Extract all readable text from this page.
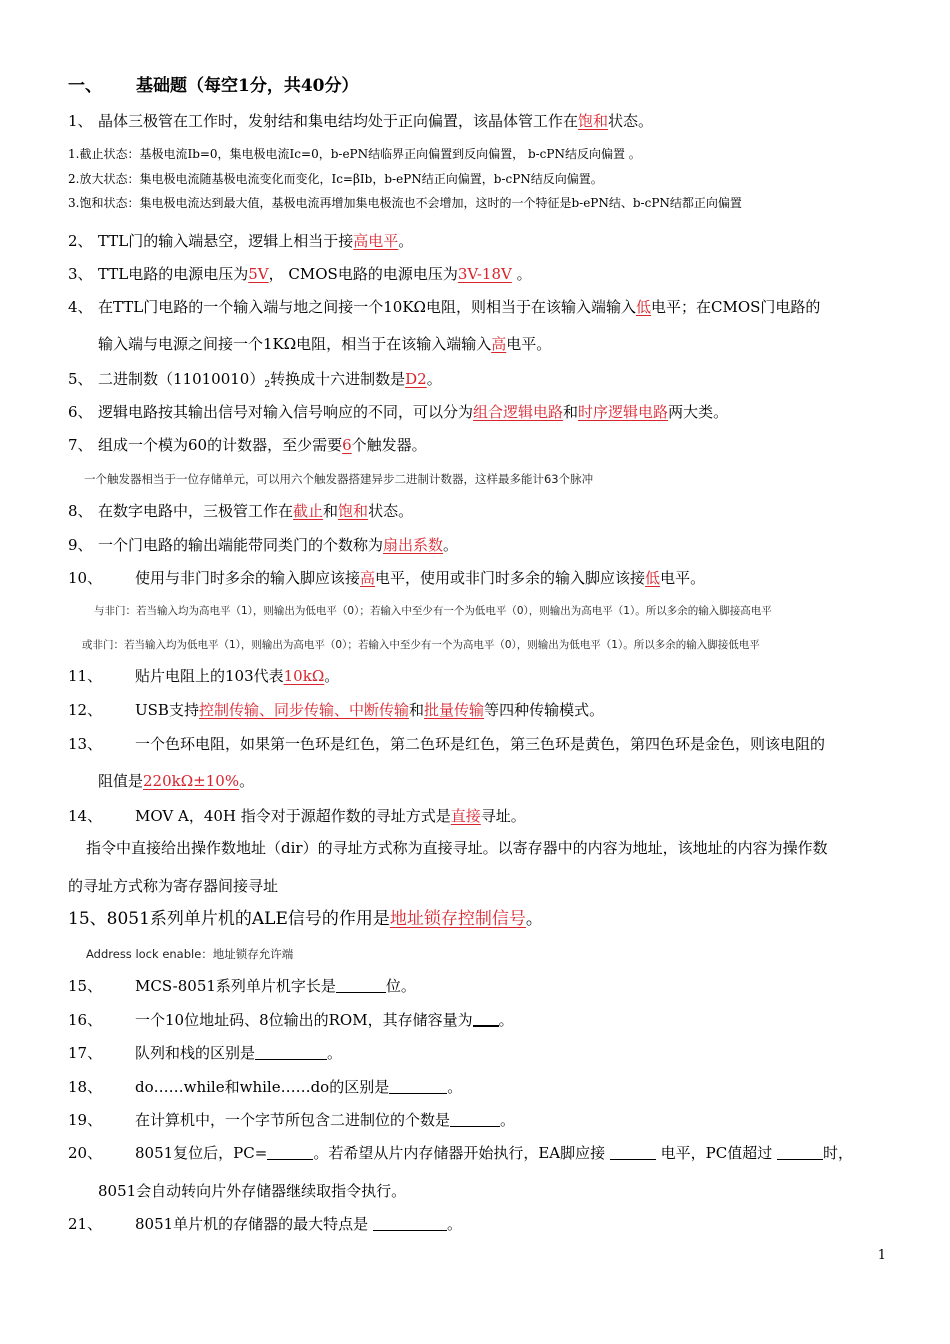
一、 基础题（每空1分，共40分）
1、 晶体三极管在工作时，发射结和集电结均处于正向偏置，该晶体管工作在饱和状态。
1.截止状态：基极电流Ib=0，集电极电流Ic=0，b-ePN结临界正向偏置到反向偏置， b-cPN结反向偏置 。
2.放大状态：集电极电流随基极电流变化而变化，Ic=βIb，b-ePN结正向偏置，b-cPN结反向偏置。
3.饱和状态：集电极电流达到最大值，基极电流再增加集电极流也不会增加，这时的一个特征是b-ePN结、b-cPN结都正向偏置
2、 TTL门的输入端悬空，逻辑上相当于接高电平。
3、 TTL电路的电源电压为5V， CMOS电路的电源电压为3V-18V 。
4、 在TTL门电路的一个输入端与地之间接一个10KΩ电阻，则相当于在该输入端输入低电平；在CMOS门电路的
输入端与电源之间接一个1KΩ电阻，相当于在该输入端输入高电平。
5、 二进制数$(11010010)_2$转换成十六进制数是D2。
6、 逻辑电路按其输出信号对输入信号响应的不同，可以分为组合逻辑电路和时序逻辑电路两大类。
7、 组成一个模为60的计数器，至少需要6个触发器。
一个触发器相当于一位存储单元，可以用六个触发器搭建异步二进制计数器，这样最多能计63个脉冲
8、 在数字电路中，三极管工作在截止和饱和状态。
9、 一个门电路的输出端能带同类门的个数称为扇出系数。
10、 使用与非门时多余的输入脚应该接高电平，使用或非门时多余的输入脚应该接低电平。
与非门：若当输入均为高电平（1），则输出为低电平（0）；若输入中至少有一个为低电平（0），则输出为高电平（1）。所以多余的输入脚接高电平
或非门：若当输入均为低电平（1），则输出为高电平（0）；若输入中至少有一个为高电平（0），则输出为低电平（1）。所以多余的输入脚接低电平
11、 贴片电阻上的103代表10kΩ。
12、 USB支持控制传输、同步传输、中断传输和批量传输等四种传输模式。
13、 一个色环电阻，如果第一色环是红色，第二色环是红色，第三色环是黄色，第四色环是金色，则该电阻的
阻值是220kΩ±10%。
14、 MOV A，40H 指令对于源超作数的寻址方式是直接寻址。
指令中直接给出操作数地址（dir）的寻址方式称为直接寻址。以寄存器中的内容为地址，该地址的内容为操作数
的寻址方式称为寄存器间接寻址
15、8051系列单片机的ALE信号的作用是地址锁存控制信号。
Address lock enable：地址锁存允许端
15、 MCS-8051系列单片机字长是	位。
16、 一个10位地址码、8位输出的ROM，其存储容量为 。
17、 队列和栈的区别是	。
18、 do……while和while……do的区别是	。
19、 在计算机中，一个字节所包含二进制位的个数是	。
20、 8051复位后，PC=	。若希望从片内存储器开始执行，EA脚应接	电平，PC值超过	时，
8051会自动转向片外存储器继续取指令执行。
21、 8051单片机的存储器的最大特点是	。
1
